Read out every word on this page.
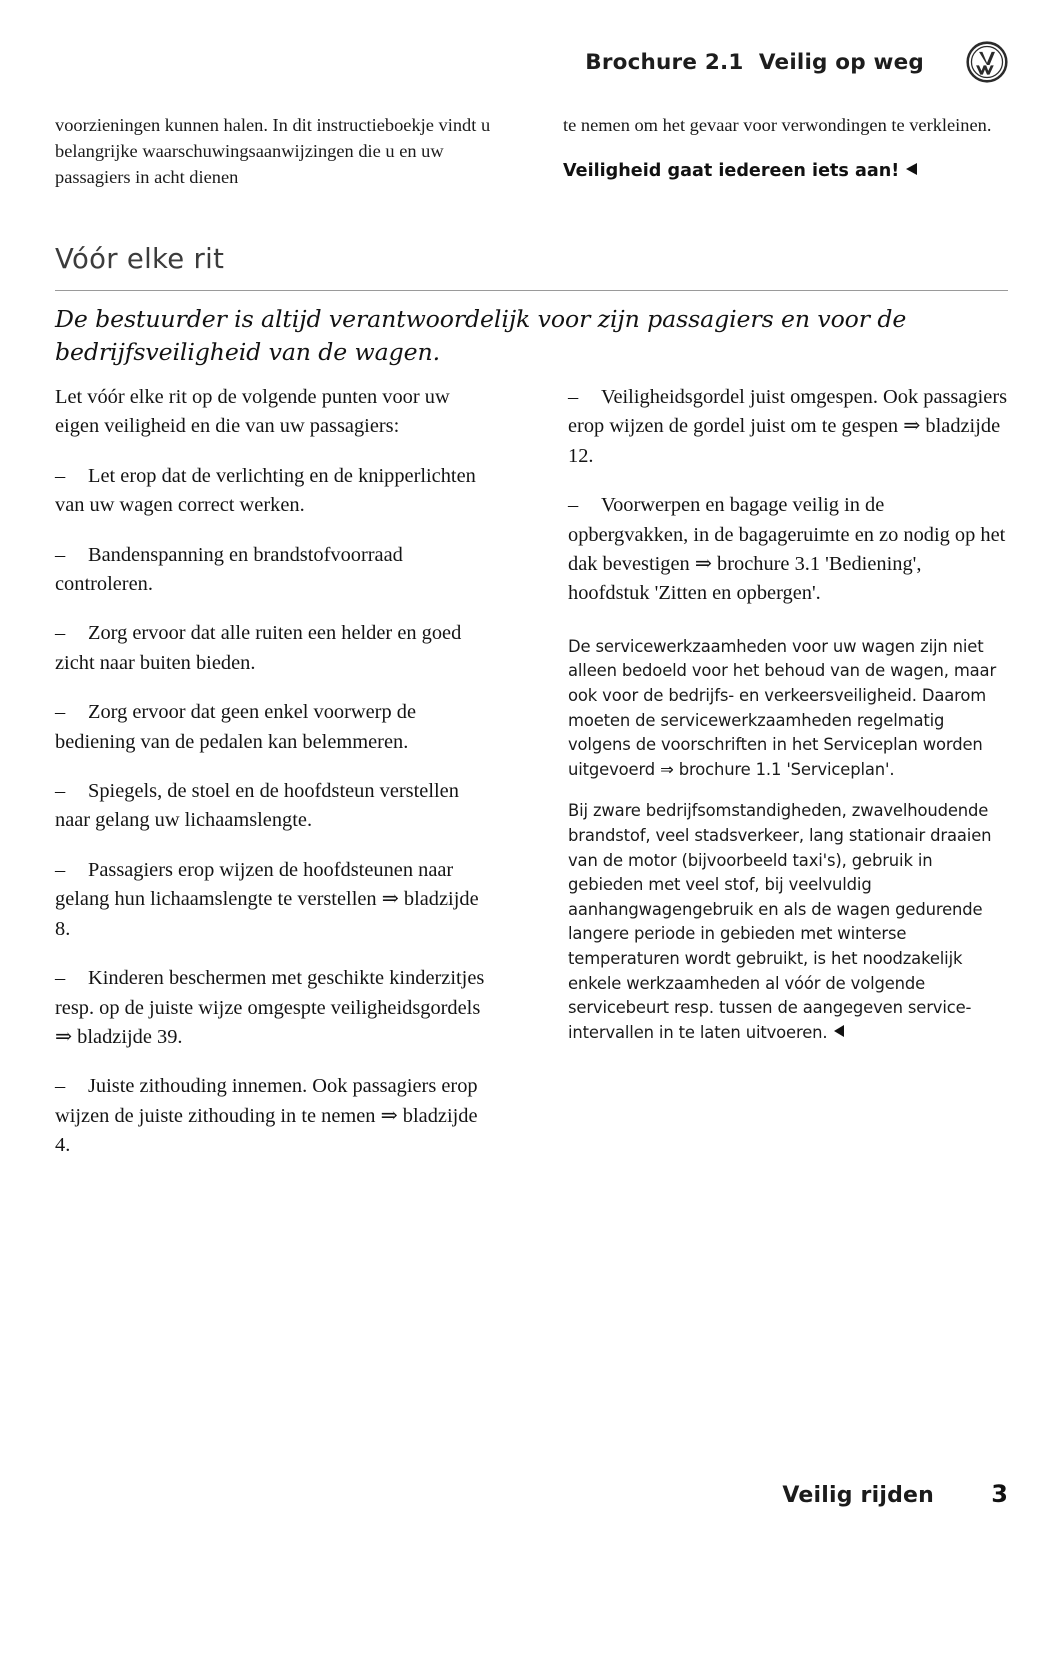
Brochure 2.1  Veilig op weg

voorzieningen kunnen halen. In dit instructieboekje vindt u belangrijke waarschuwingsaanwijzingen die u en uw passagiers in acht dienen

te nemen om het gevaar voor verwondingen te verkleinen.

Veiligheid gaat iedereen iets aan!

Vóór elke rit
De bestuurder is altijd verantwoordelijk voor zijn passagiers en voor de bedrijfsveiligheid van de wagen.

Let vóór elke rit op de volgende punten voor uw eigen veiligheid en die van uw passagiers:

– Let erop dat de verlichting en de knipperlichten van uw wagen correct werken.

– Bandenspanning en brandstofvoorraad controleren.

– Zorg ervoor dat alle ruiten een helder en goed zicht naar buiten bieden.

– Zorg ervoor dat geen enkel voorwerp de bediening van de pedalen kan belemmeren.

– Spiegels, de stoel en de hoofdsteun verstellen naar gelang uw lichaamslengte.

– Passagiers erop wijzen de hoofdsteunen naar gelang hun lichaamslengte te verstellen ⇒ bladzijde 8.

– Kinderen beschermen met geschikte kinderzitjes resp. op de juiste wijze omgespte veiligheidsgordels ⇒ bladzijde 39.

– Juiste zithouding innemen. Ook passagiers erop wijzen de juiste zithouding in te nemen ⇒ bladzijde 4.

– Veiligheidsgordel juist omgespen. Ook passagiers erop wijzen de gordel juist om te gespen ⇒ bladzijde 12.

– Voorwerpen en bagage veilig in de opbergvakken, in de bagageruimte en zo nodig op het dak bevestigen ⇒ brochure 3.1 'Bediening', hoofdstuk 'Zitten en opbergen'.

De servicewerkzaamheden voor uw wagen zijn niet alleen bedoeld voor het behoud van de wagen, maar ook voor de bedrijfs- en verkeersveiligheid. Daarom moeten de servicewerkzaamheden regelmatig volgens de voorschriften in het Serviceplan worden uitgevoerd ⇒ brochure 1.1 'Serviceplan'.

Bij zware bedrijfsomstandigheden, zwavelhoudende brandstof, veel stadsverkeer, lang stationair draaien van de motor (bijvoorbeeld taxi's), gebruik in gebieden met veel stof, bij veelvuldig aanhangwagengebruik en als de wagen gedurende langere periode in gebieden met winterse temperaturen wordt gebruikt, is het noodzakelijk enkele werkzaamheden al vóór de volgende servicebeurt resp. tussen de aangegeven service-intervallen in te laten uitvoeren.

Veilig rijden 3
